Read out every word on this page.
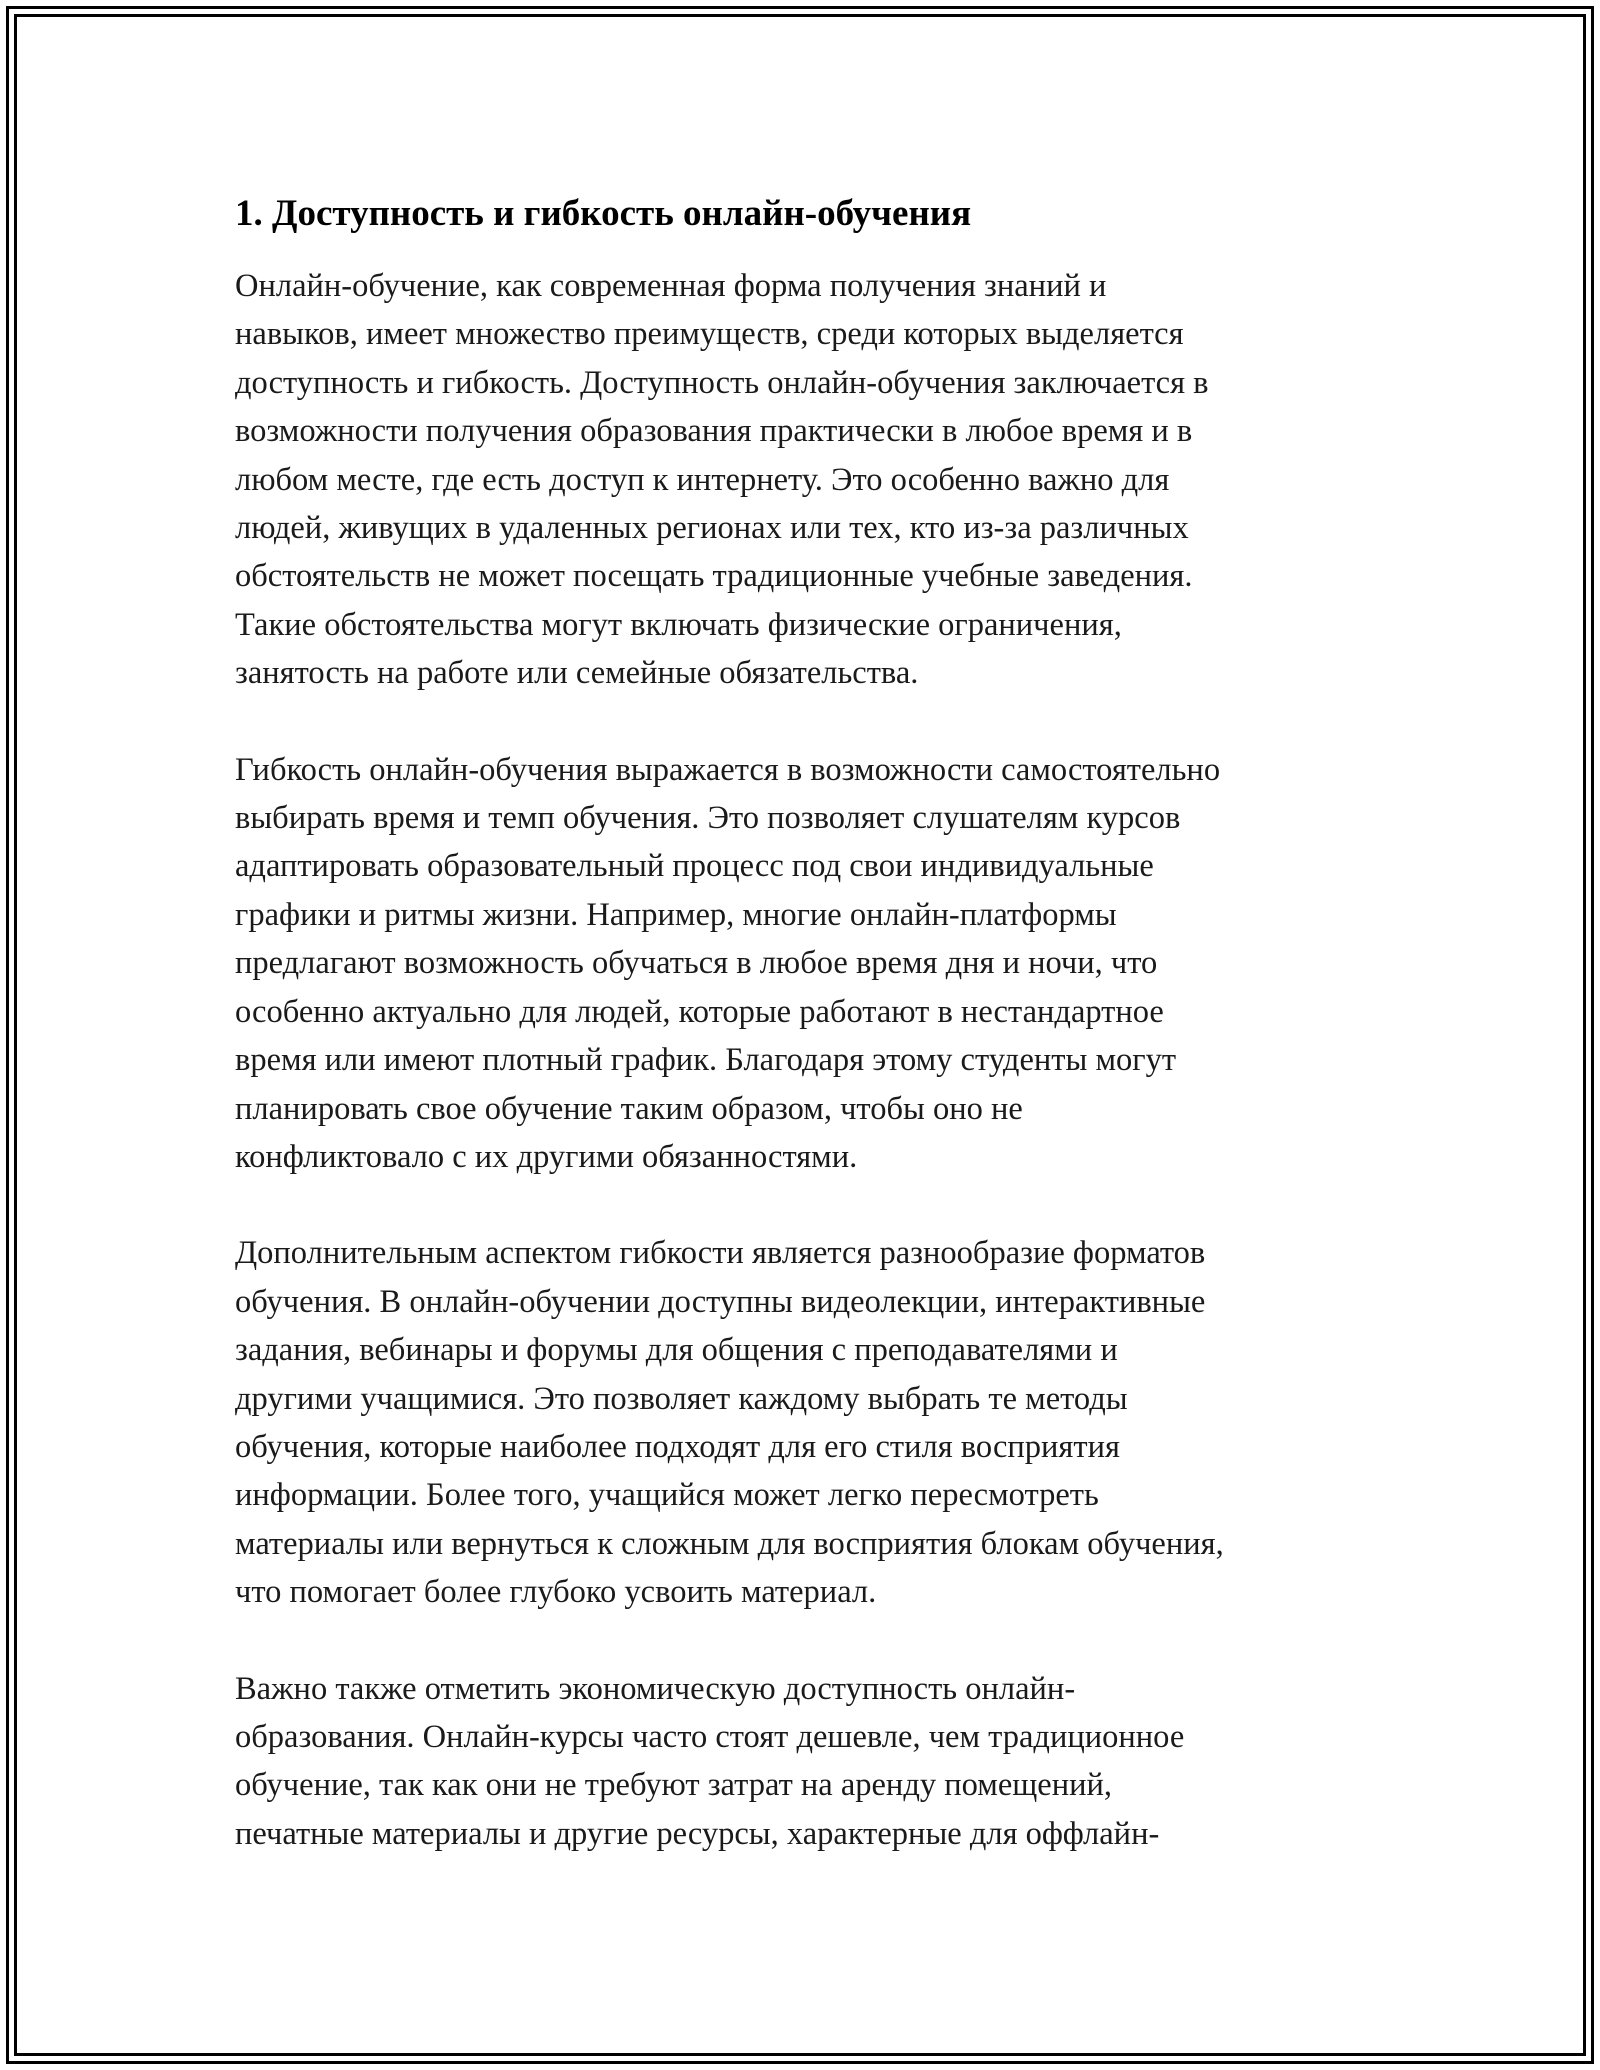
1. Доступность и гибкость онлайн-обучения

Онлайн-обучение, как современная форма получения знаний и
навыков, имеет множество преимуществ, среди которых выделяется
доступность и гибкость. Доступность онлайн-обучения заключается в
возможности получения образования практически в любое время и в
любом месте, где есть доступ к интернету. Это особенно важно для
людей, живущих в удаленных регионах или тех, кто из-за различных
обстоятельств не может посещать традиционные учебные заведения.
Такие обстоятельства могут включать физические ограничения,
занятость на работе или семейные обязательства.

Гибкость онлайн-обучения выражается в возможности самостоятельно
выбирать время и темп обучения. Это позволяет слушателям курсов
адаптировать образовательный процесс под свои индивидуальные
графики и ритмы жизни. Например, многие онлайн-платформы
предлагают возможность обучаться в любое время дня и ночи, что
особенно актуально для людей, которые работают в нестандартное
время или имеют плотный график. Благодаря этому студенты могут
планировать свое обучение таким образом, чтобы оно не
конфликтовало с их другими обязанностями.

Дополнительным аспектом гибкости является разнообразие форматов
обучения. В онлайн-обучении доступны видеолекции, интерактивные
задания, вебинары и форумы для общения с преподавателями и
другими учащимися. Это позволяет каждому выбрать те методы
обучения, которые наиболее подходят для его стиля восприятия
информации. Более того, учащийся может легко пересмотреть
материалы или вернуться к сложным для восприятия блокам обучения,
что помогает более глубоко усвоить материал.

Важно также отметить экономическую доступность онлайн-
образования. Онлайн-курсы часто стоят дешевле, чем традиционное
обучение, так как они не требуют затрат на аренду помещений,
печатные материалы и другие ресурсы, характерные для оффлайн-
